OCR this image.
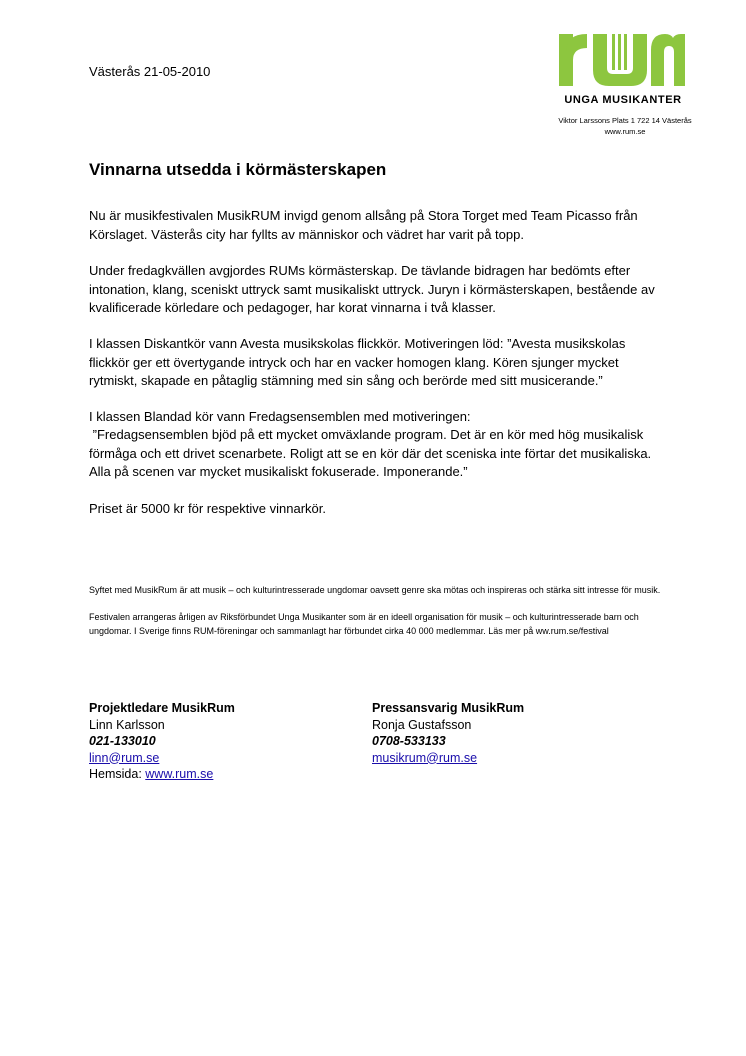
Västerås 21-05-2010
UNGA MUSIKANTER
Viktor Larssons Plats 1 722 14 Västerås
www.rum.se
Vinnarna utsedda i körmästerskapen

Nu är musikfestivalen MusikRUM invigd genom allsång på Stora Torget med Team Picasso från Körslaget. Västerås city har fyllts av människor och vädret har varit på topp.

Under fredagkvällen avgjordes RUMs körmästerskap. De tävlande bidragen har bedömts efter intonation, klang, sceniskt uttryck samt musikaliskt uttryck. Juryn i körmästerskapen, bestående av kvalificerade körledare och pedagoger, har korat vinnarna i två klasser.

I klassen Diskantkör vann Avesta musikskolas flickkör. Motiveringen löd: ”Avesta musikskolas flickkör ger ett övertygande intryck och har en vacker homogen klang. Kören sjunger mycket rytmiskt, skapade en påtaglig stämning med sin sång och berörde med sitt musicerande.”

I klassen Blandad kör vann Fredagsensemblen med motiveringen:

”Fredagsensemblen bjöd på ett mycket omväxlande program. Det är en kör med hög musikalisk förmåga och ett drivet scenarbete. Roligt att se en kör där det sceniska inte förtar det musikaliska. Alla på scenen var mycket musikaliskt fokuserade. Imponerande.”

Priset är 5000 kr för respektive vinnarkör.

Syftet med MusikRum är att musik – och kulturintresserade ungdomar oavsett genre ska mötas och inspireras och stärka sitt intresse för musik.

Festivalen arrangeras årligen av Riksförbundet Unga Musikanter som är en ideell organisation för musik – och kulturintresserade barn och ungdomar. I Sverige finns RUM-föreningar och sammanlagt har förbundet cirka 40 000 medlemmar. Läs mer på ww.rum.se/festival

Projektledare MusikRum
Linn Karlsson
021-133010
linn@rum.se
Hemsida: www.rum.se
Pressansvarig MusikRum
Ronja Gustafsson
0708-533133
musikrum@rum.se
